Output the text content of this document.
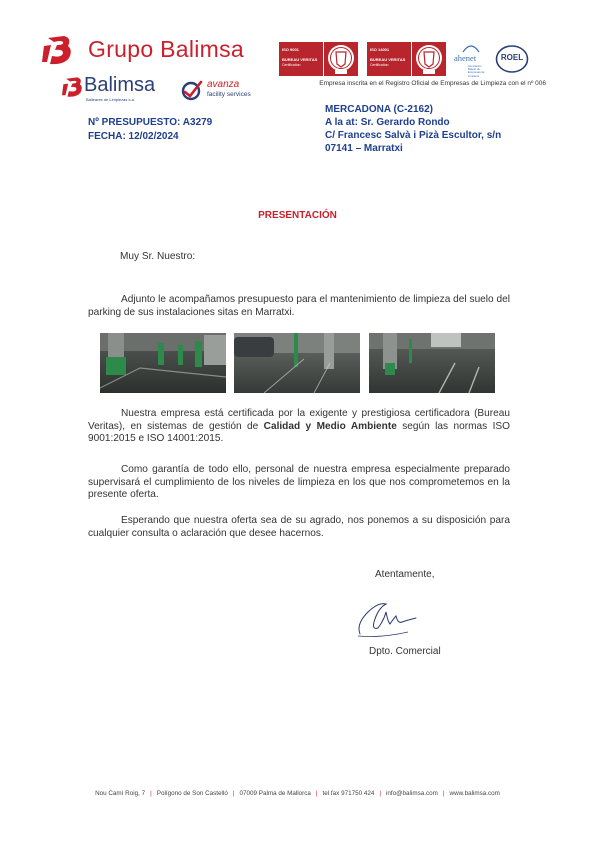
Grupo Balimsa
Balimsa
Balleares de Limpiezas s.a.
avanza
facility services
ISO 9001
BUREAU VERITAS
Certification
ISO 14001
BUREAU VERITAS
Certification
ahenet
Asociación Balear de Empresas de Limpieza
ROEL
Empresa inscrita en el Registro Oficial de Empresas de Limpieza con el nº 006
Nº PRESUPUESTO: A3279
FECHA: 12/02/2024
MERCADONA (C-2162)
A la at: Sr. Gerardo Rondo
C/ Francesc Salvà i Pizà Escultor, s/n
07141 – Marratxi
PRESENTACIÓN
Muy Sr. Nuestro:
Adjunto le acompañamos presupuesto para el mantenimiento de limpieza del suelo del parking de sus instalaciones sitas en Marratxi.
Nuestra empresa está certificada por la exigente y prestigiosa certificadora (Bureau Veritas), en sistemas de gestión de Calidad y Medio Ambiente según las normas ISO 9001:2015 e ISO 14001:2015.
Como garantía de todo ello, personal de nuestra empresa especialmente preparado supervisará el cumplimiento de los niveles de limpieza en los que nos comprometemos en la presente oferta.
Esperando que nuestra oferta sea de su agrado, nos ponemos a su disposición para cualquier consulta o aclaración que desee hacernos.
Atentamente,
Dpto. Comercial
Nou Camí Roig, 7 | Polígono de Son Castelló | 07009 Palma de Mallorca | tel fax 971750 424 | info@balimsa.com | www.balimsa.com
